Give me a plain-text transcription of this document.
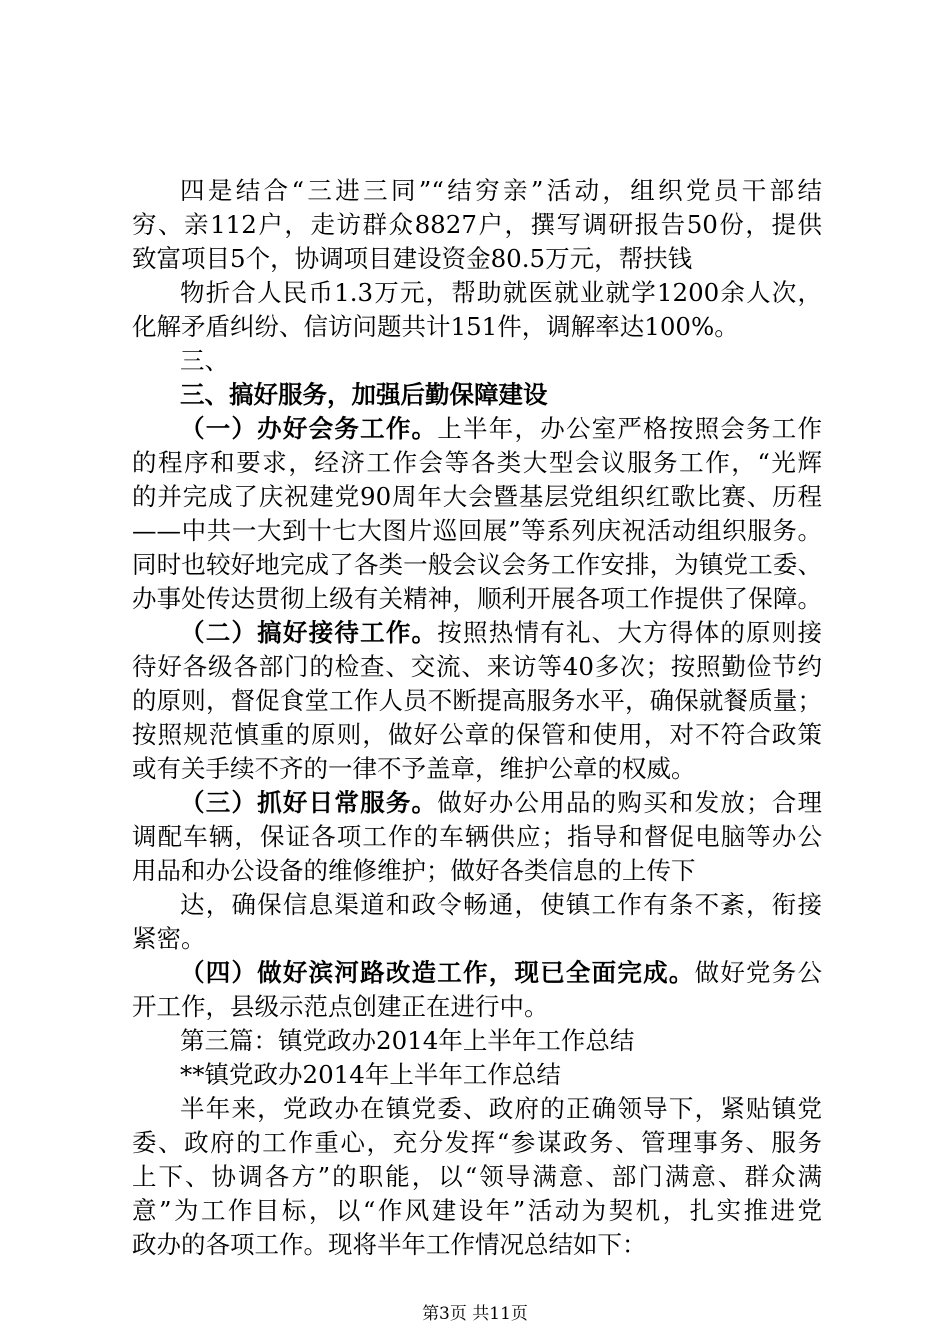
四是结合“三进三同”“结穷亲”活动，组织党员干部结
穷、亲112户，走访群众8827户，撰写调研报告50份，提供
致富项目5个，协调项目建设资金80.5万元，帮扶钱
物折合人民币1.3万元，帮助就医就业就学1200余人次，
化解矛盾纠纷、信访问题共计151件，调解率达100%。
三、
三、搞好服务，加强后勤保障建设
（一）办好会务工作。上半年，办公室严格按照会务工作
的程序和要求，经济工作会等各类大型会议服务工作，“光辉
的并完成了庆祝建党90周年大会暨基层党组织红歌比赛、历程
——中共一大到十七大图片巡回展”等系列庆祝活动组织服务。
同时也较好地完成了各类一般会议会务工作安排，为镇党工委、
办事处传达贯彻上级有关精神，顺利开展各项工作提供了保障。
（二）搞好接待工作。按照热情有礼、大方得体的原则接
待好各级各部门的检查、交流、来访等40多次；按照勤俭节约
的原则，督促食堂工作人员不断提高服务水平，确保就餐质量；
按照规范慎重的原则，做好公章的保管和使用，对不符合政策
或有关手续不齐的一律不予盖章，维护公章的权威。
（三）抓好日常服务。做好办公用品的购买和发放；合理
调配车辆，保证各项工作的车辆供应；指导和督促电脑等办公
用品和办公设备的维修维护；做好各类信息的上传下
达，确保信息渠道和政令畅通，使镇工作有条不紊，衔接
紧密。
（四）做好滨河路改造工作，现已全面完成。做好党务公
开工作，县级示范点创建正在进行中。
第三篇：镇党政办2014年上半年工作总结
**镇党政办2014年上半年工作总结
半年来，党政办在镇党委、政府的正确领导下，紧贴镇党
委、政府的工作重心，充分发挥“参谋政务、管理事务、服务
上下、协调各方”的职能，以“领导满意、部门满意、群众满
意”为工作目标，以“作风建设年”活动为契机，扎实推进党
政办的各项工作。现将半年工作情况总结如下：
第3页 共11页
